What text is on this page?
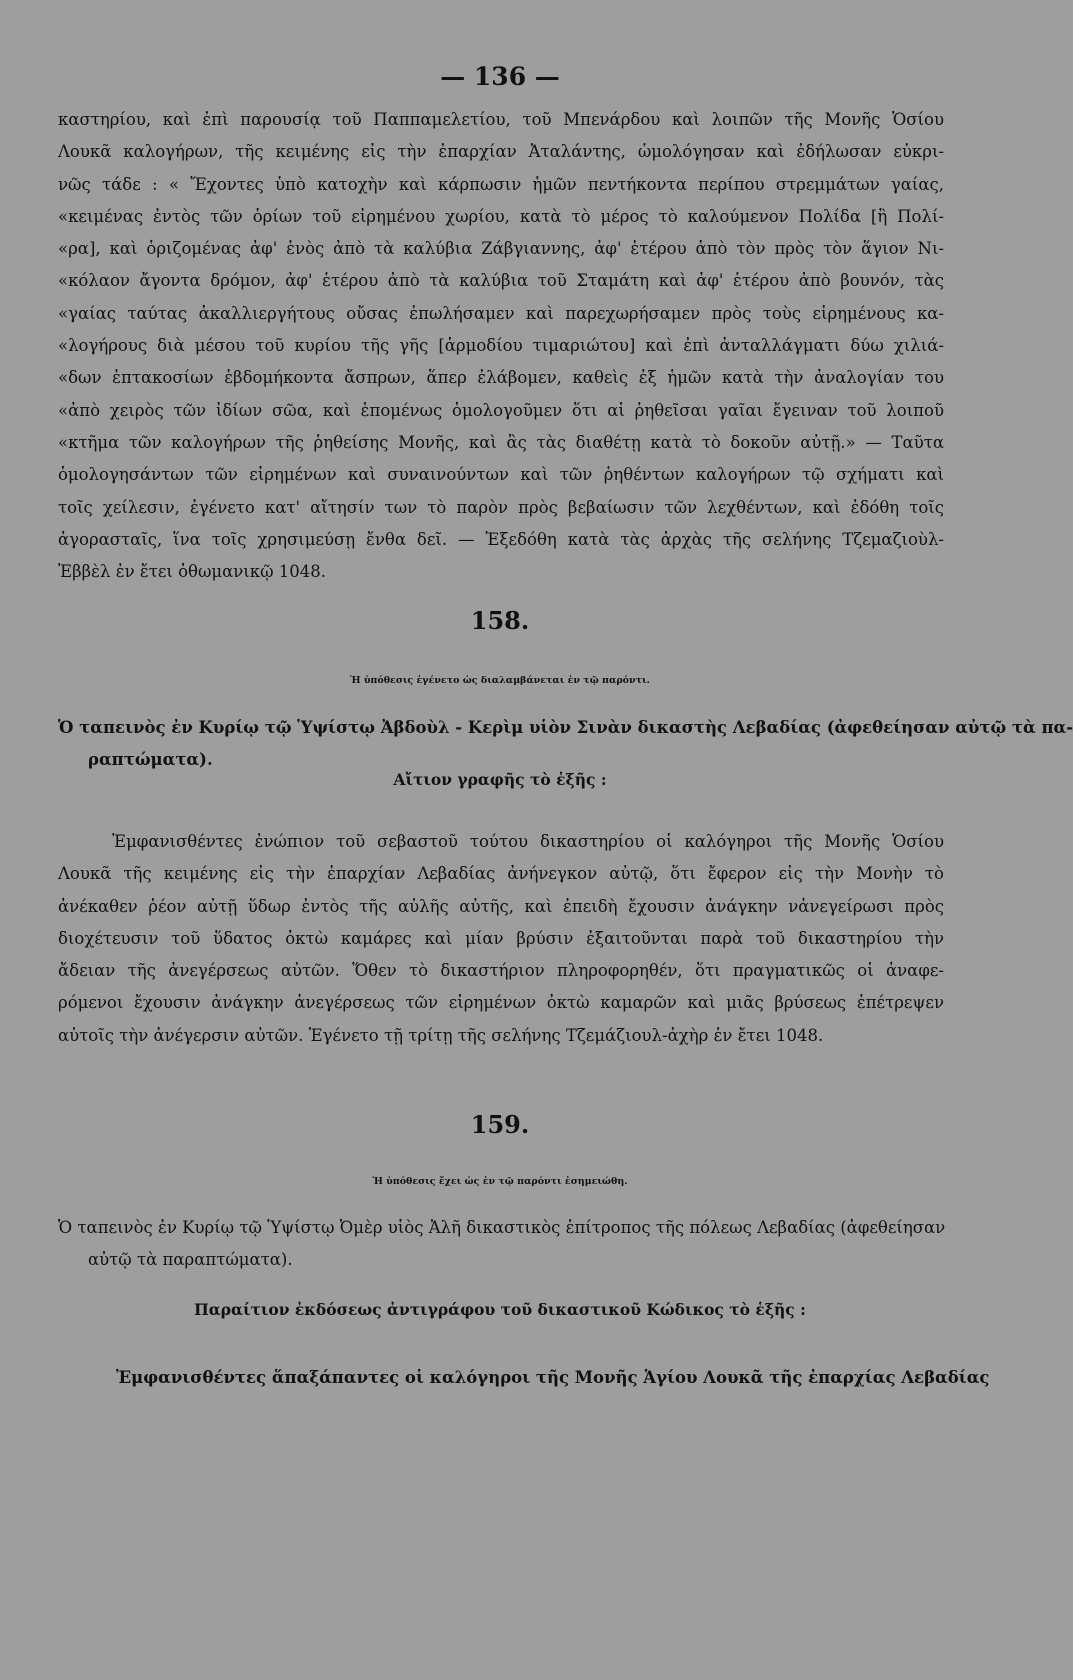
— 136 —
καστηρίου, καὶ ἐπὶ παρουσίᾳ τοῦ Παππαμελετίου, τοῦ Μπενάρδου καὶ λοιπῶν τῆς Μονῆς Ὁσίου
Λουκᾶ καλογήρων, τῆς κειμένης εἰς τὴν ἐπαρχίαν Ἀταλάντης, ὡμολόγησαν καὶ ἐδήλωσαν εὐκρι-
νῶς τάδε : « Ἔχοντες ὑπὸ κατοχὴν καὶ κάρπωσιν ἡμῶν πεντήκοντα περίπου στρεμμάτων γαίας,
«κειμένας ἐντὸς τῶν ὁρίων τοῦ εἰρημένου χωρίου, κατὰ τὸ μέρος τὸ καλούμενον Πολίδα [ἢ Πολί-
«ρα], καὶ ὁριζομένας ἀφ' ἑνὸς ἀπὸ τὰ καλύβια Ζάβγιαννης, ἀφ' ἑτέρου ἀπὸ τὸν πρὸς τὸν ἅγιον Νι-
«κόλαον ἄγοντα δρόμον, ἀφ' ἑτέρου ἀπὸ τὰ καλύβια τοῦ Σταμάτη καὶ ἀφ' ἑτέρου ἀπὸ βουνόν, τὰς
«γαίας ταύτας ἀκαλλιεργήτους οὔσας ἐπωλήσαμεν καὶ παρεχωρήσαμεν πρὸς τοὺς εἰρημένους κα-
«λογήρους διὰ μέσου τοῦ κυρίου τῆς γῆς [ἁρμοδίου τιμαριώτου] καὶ ἐπὶ ἀνταλλάγματι δύω χιλιά-
«δων ἑπτακοσίων ἑβδομήκοντα ἄσπρων, ἅπερ ἐλάβομεν, καθεὶς ἐξ ἡμῶν κατὰ τὴν ἀναλογίαν του
«ἀπὸ χειρὸς τῶν ἰδίων σῶα, καὶ ἑπομένως ὁμολογοῦμεν ὅτι αἱ ῥηθεῖσαι γαῖαι ἔγειναν τοῦ λοιποῦ
«κτῆμα τῶν καλογήρων τῆς ῥηθείσης Μονῆς, καὶ ἂς τὰς διαθέτῃ κατὰ τὸ δοκοῦν αὐτῇ.» — Ταῦτα
ὁμολογησάντων τῶν εἰρημένων καὶ συναινούντων καὶ τῶν ῥηθέντων καλογήρων τῷ σχήματι καὶ
τοῖς χείλεσιν, ἐγένετο κατ' αἴτησίν των τὸ παρὸν πρὸς βεβαίωσιν τῶν λεχθέντων, καὶ ἐδόθη τοῖς
ἀγορασταῖς, ἵνα τοῖς χρησιμεύσῃ ἔνθα δεῖ. — Ἐξεδόθη κατὰ τὰς ἀρχὰς τῆς σελήνης Τζεμαζιοὺλ-
Ἐββὲλ ἐν ἔτει ὀθωμανικῷ 1048.
158.
Ἡ ὑπόθεσις ἐγένετο ὡς διαλαμβάνεται ἐν τῷ παρόντι.
Ὁ ταπεινὸς ἐν Κυρίῳ τῷ Ὑψίστῳ Ἀβδοὺλ - Κερὶμ υἱὸν Σινὰν δικαστὴς Λεβαδίας (ἀφεθείησαν αὐτῷ τὰ πα-
ραπτώματα).
Αἴτιον γραφῆς τὸ ἑξῆς :
Ἐμφανισθέντες ἐνώπιον τοῦ σεβαστοῦ τούτου δικαστηρίου οἱ καλόγηροι τῆς Μονῆς Ὁσίου
Λουκᾶ τῆς κειμένης εἰς τὴν ἐπαρχίαν Λεβαδίας ἀνήνεγκον αὐτῷ, ὅτι ἔφερον εἰς τὴν Μονὴν τὸ
ἀνέκαθεν ῥέον αὐτῇ ὕδωρ ἐντὸς τῆς αὐλῆς αὐτῆς, καὶ ἐπειδὴ ἔχουσιν ἀνάγκην νἀνεγείρωσι πρὸς
διοχέτευσιν τοῦ ὕδατος ὀκτὼ καμάρες καὶ μίαν βρύσιν ἐξαιτοῦνται παρὰ τοῦ δικαστηρίου τὴν
ἄδειαν τῆς ἀνεγέρσεως αὐτῶν. Ὅθεν τὸ δικαστήριον πληροφορηθέν, ὅτι πραγματικῶς οἱ ἀναφε-
ρόμενοι ἔχουσιν ἀνάγκην ἀνεγέρσεως τῶν εἰρημένων ὀκτὼ καμαρῶν καὶ μιᾶς βρύσεως ἐπέτρεψεν
αὐτοῖς τὴν ἀνέγερσιν αὐτῶν. Ἐγένετο τῇ τρίτῃ τῆς σελήνης Τζεμάζιουλ-ἀχὴρ ἐν ἔτει 1048.
159.
Ἡ ὑπόθεσις ἔχει ὡς ἐν τῷ παρόντι ἐσημειώθη.
Ὁ ταπεινὸς ἐν Κυρίῳ τῷ Ὑψίστῳ Ὀμὲρ υἱὸς Ἀλῆ δικαστικὸς ἐπίτροπος τῆς πόλεως Λεβαδίας (ἀφεθείησαν
αὐτῷ τὰ παραπτώματα).
Παραίτιον ἐκδόσεως ἀντιγράφου τοῦ δικαστικοῦ Κώδικος τὸ ἑξῆς :
Ἐμφανισθέντες ἅπαξάπαντες οἱ καλόγηροι τῆς Μονῆς Ἁγίου Λουκᾶ τῆς ἐπαρχίας Λεβαδίας
